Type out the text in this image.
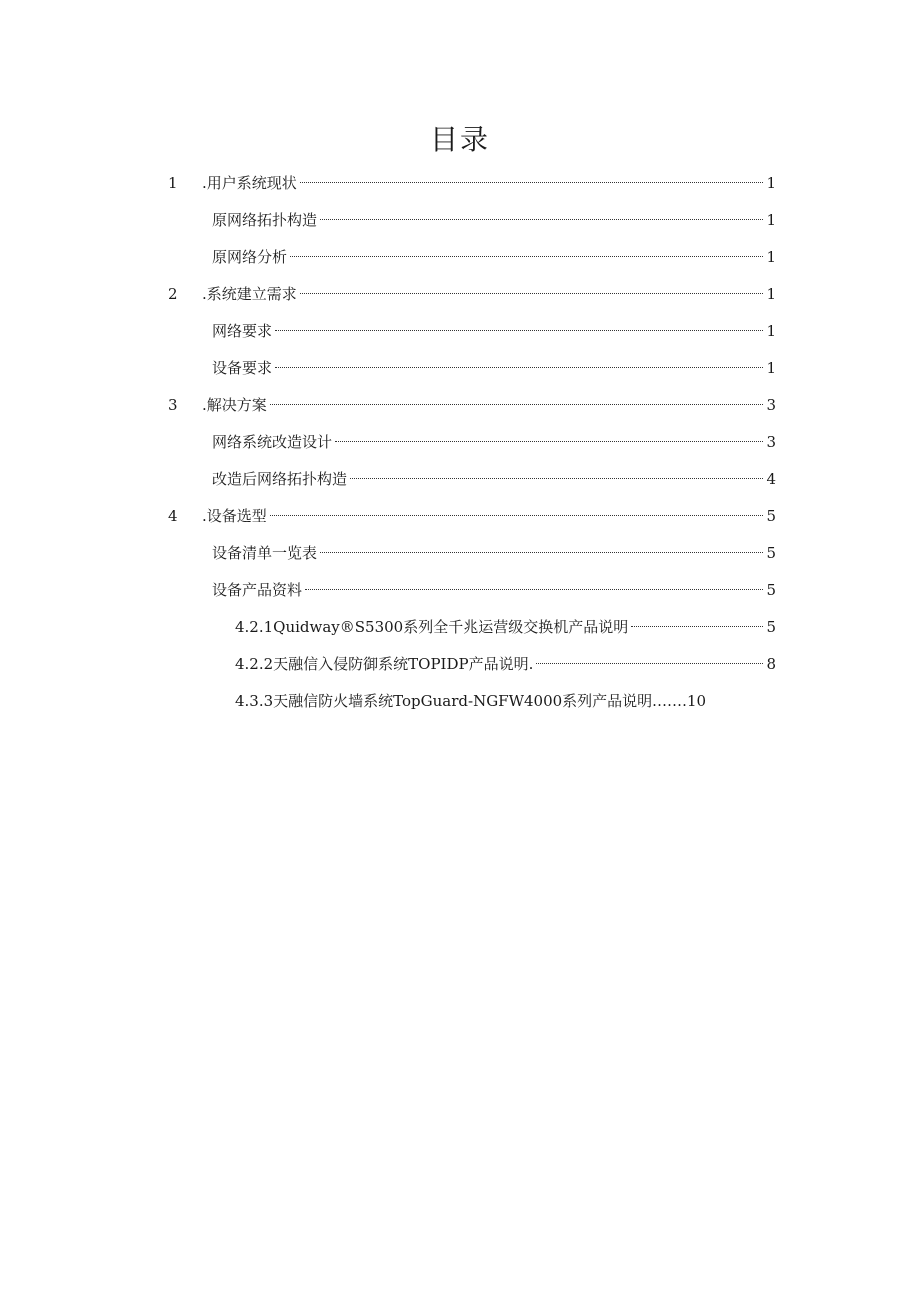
目录
1	.用户系统现状	1
原网络拓扑构造	1
原网络分析	1
2	.系统建立需求	1
网络要求	1
设备要求	1
3	.解决方案	3
网络系统改造设计	3
改造后网络拓扑构造	4
4	.设备选型	5
设备清单一览表	5
设备产品资料	5
4.2.1Quidway®S5300系列全千兆运营级交换机产品说明	5
4.2.2天融信入侵防御系统TOPIDP产品说明.	8
4.3.3天融信防火墙系统TopGuard-NGFW4000系列产品说明.……10
